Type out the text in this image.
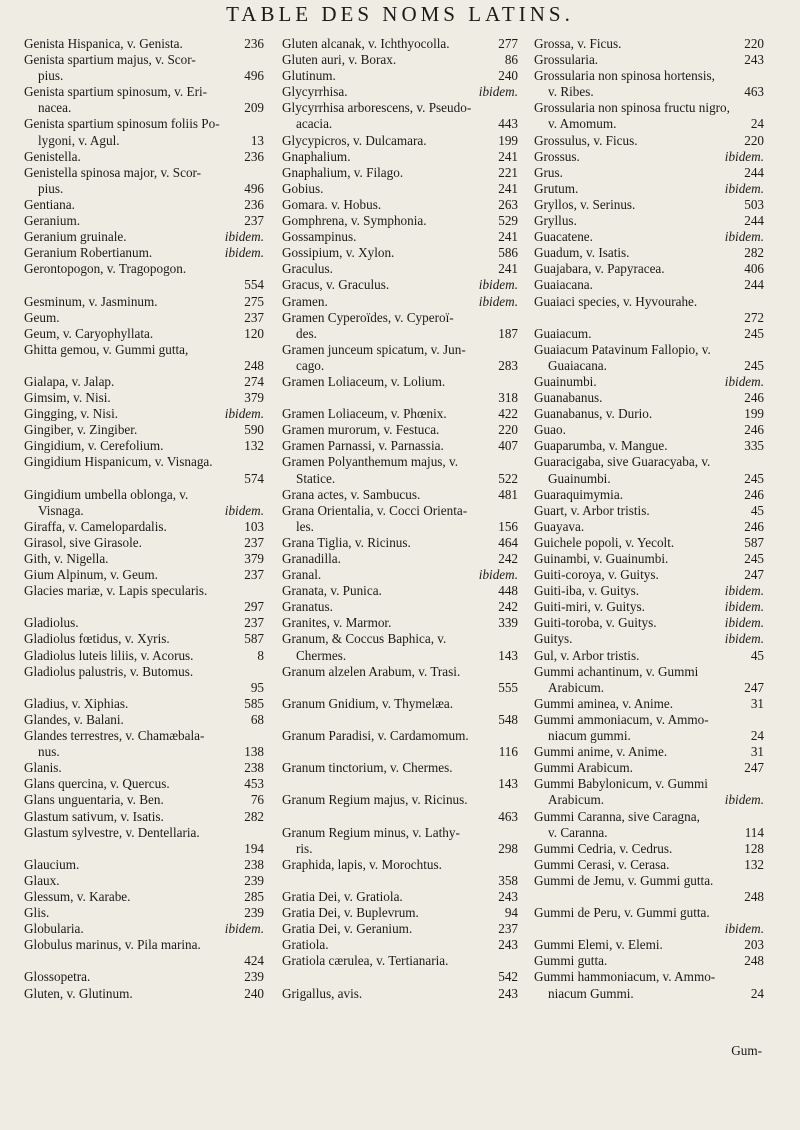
TABLE DES NOMS LATINS.
236
Genista Hispanica, v. Genista.
Genista spartium majus, v. Scor-
496
pius.
Genista spartium spinosum, v. Eri-
209
nacea.
Genista spartium spinosum foliis Po-
13
lygoni, v. Agul.
236
Genistella.
Genistella spinosa major, v. Scor-
496
pius.
236
Gentiana.
237
Geranium.
ibidem.
Geranium gruinale.
ibidem.
Geranium Robertianum.
Gerontopogon, v. Tragopogon.
554
275
Gesminum, v. Jasminum.
237
Geum.
120
Geum, v. Caryophyllata.
Ghitta gemou, v. Gummi gutta,
248
274
Gialapa, v. Jalap.
379
Gimsim, v. Nisi.
ibidem.
Gingging, v. Nisi.
590
Gingiber, v. Zingiber.
132
Gingidium, v. Cerefolium.
Gingidium Hispanicum, v. Visnaga.
574
Gingidium umbella oblonga, v.
ibidem.
Visnaga.
103
Giraffa, v. Camelopardalis.
237
Girasol, sive Girasole.
379
Gith, v. Nigella.
237
Gium Alpinum, v. Geum.
Glacies mariæ, v. Lapis specularis.
297
237
Gladiolus.
587
Gladiolus fœtidus, v. Xyris.
8
Gladiolus luteis liliis, v. Acorus.
Gladiolus palustris, v. Butomus.
95
585
Gladius, v. Xiphias.
68
Glandes, v. Balani.
Glandes terrestres, v. Chamæbala-
138
nus.
238
Glanis.
453
Glans quercina, v. Quercus.
76
Glans unguentaria, v. Ben.
282
Glastum sativum, v. Isatis.
Glastum sylvestre, v. Dentellaria.
194
238
Glaucium.
239
Glaux.
285
Glessum, v. Karabe.
239
Glis.
ibidem.
Globularia.
Globulus marinus, v. Pila marina.
424
239
Glossopetra.
240
Gluten, v. Glutinum.
277
Gluten alcanak, v. Ichthyocolla.
86
Gluten auri, v. Borax.
240
Glutinum.
ibidem.
Glycyrrhisa.
Glycyrrhisa arborescens, v. Pseudo-
443
acacia.
199
Glycypicros, v. Dulcamara.
241
Gnaphalium.
221
Gnaphalium, v. Filago.
241
Gobius.
263
Gomara. v. Hobus.
529
Gomphrena, v. Symphonia.
241
Gossampinus.
586
Gossipium, v. Xylon.
241
Graculus.
ibidem.
Gracus, v. Graculus.
ibidem.
Gramen.
Gramen Cyperoïdes, v. Cyperoï-
187
des.
Gramen junceum spicatum, v. Jun-
283
cago.
Gramen Loliaceum, v. Lolium.
318
422
Gramen Loliaceum, v. Phœnix.
220
Gramen murorum, v. Festuca.
407
Gramen Parnassi, v. Parnassia.
Gramen Polyanthemum majus, v.
522
Statice.
481
Grana actes, v. Sambucus.
Grana Orientalia, v. Cocci Orienta-
156
les.
464
Grana Tiglia, v. Ricinus.
242
Granadilla.
ibidem.
Granal.
448
Granata, v. Punica.
242
Granatus.
339
Granites, v. Marmor.
Granum, & Coccus Baphica, v.
143
Chermes.
Granum alzelen Arabum, v. Trasi.
555
Granum Gnidium, v. Thymelæa.
548
Granum Paradisi, v. Cardamomum.
116
Granum tinctorium, v. Chermes.
143
Granum Regium majus, v. Ricinus.
463
Granum Regium minus, v. Lathy-
298
ris.
Graphida, lapis, v. Morochtus.
358
243
Gratia Dei, v. Gratiola.
94
Gratia Dei, v. Buplevrum.
237
Gratia Dei, v. Geranium.
243
Gratiola.
Gratiola cærulea, v. Tertianaria.
542
243
Grigallus, avis.
220
Grossa, v. Ficus.
243
Grossularia.
Grossularia non spinosa hortensis,
463
v. Ribes.
Grossularia non spinosa fructu nigro,
24
v. Amomum.
220
Grossulus, v. Ficus.
ibidem.
Grossus.
244
Grus.
ibidem.
Grutum.
503
Gryllos, v. Serinus.
244
Gryllus.
ibidem.
Guacatene.
282
Guadum, v. Isatis.
406
Guajabara, v. Papyracea.
244
Guaiacana.
Guaiaci species, v. Hyvourahe.
272
245
Guaiacum.
Guaiacum Patavinum Fallopio, v.
245
Guaiacana.
ibidem.
Guainumbi.
246
Guanabanus.
199
Guanabanus, v. Durio.
246
Guao.
335
Guaparumba, v. Mangue.
Guaracigaba, sive Guaracyaba, v.
245
Guainumbi.
246
Guaraquimymia.
45
Guart, v. Arbor tristis.
246
Guayava.
587
Guichele popoli, v. Yecolt.
245
Guinambi, v. Guainumbi.
247
Guiti-coroya, v. Guitys.
ibidem.
Guiti-iba, v. Guitys.
ibidem.
Guiti-miri, v. Guitys.
ibidem.
Guiti-toroba, v. Guitys.
ibidem.
Guitys.
45
Gul, v. Arbor tristis.
Gummi achantinum, v. Gummi
247
Arabicum.
31
Gummi aminea, v. Anime.
Gummi ammoniacum, v. Ammo-
24
niacum gummi.
31
Gummi anime, v. Anime.
247
Gummi Arabicum.
Gummi Babylonicum, v. Gummi
ibidem.
Arabicum.
Gummi Caranna, sive Caragna,
114
v. Caranna.
128
Gummi Cedria, v. Cedrus.
132
Gummi Cerasi, v. Cerasa.
Gummi de Jemu, v. Gummi gutta.
248
Gummi de Peru, v. Gummi gutta.
ibidem.
203
Gummi Elemi, v. Elemi.
248
Gummi gutta.
Gummi hammoniacum, v. Ammo-
24
niacum Gummi.
Gum-
